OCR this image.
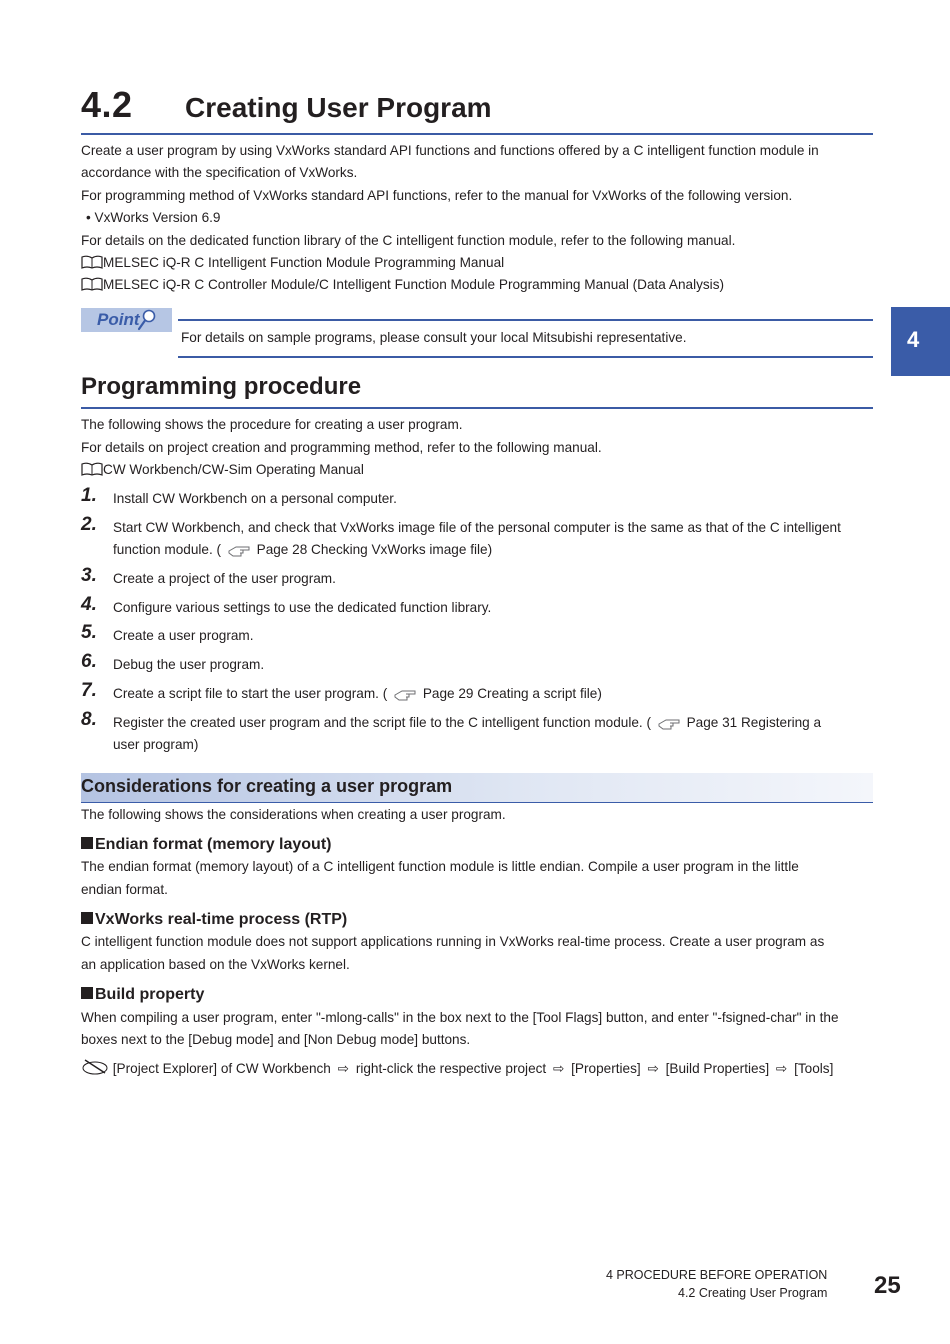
4.2 Creating User Program
Create a user program by using VxWorks standard API functions and functions offered by a C intelligent function module in
accordance with the specification of VxWorks.
For programming method of VxWorks standard API functions, refer to the manual for VxWorks of the following version.
• VxWorks Version 6.9
For details on the dedicated function library of the C intelligent function module, refer to the following manual.
MELSEC iQ-R C Intelligent Function Module Programming Manual
MELSEC iQ-R C Controller Module/C Intelligent Function Module Programming Manual (Data Analysis)
Point
For details on sample programs, please consult your local Mitsubishi representative.	4
Programming procedure
The following shows the procedure for creating a user program.
For details on project creation and programming method, refer to the following manual.
CW Workbench/CW-Sim Operating Manual
1. Install CW Workbench on a personal computer.
2. Start CW Workbench, and check that VxWorks image file of the personal computer is the same as that of the C intelligent
function module. (	Page 28 Checking VxWorks image file)
3. Create a project of the user program.
4. Configure various settings to use the dedicated function library.
5. Create a user program.
6. Debug the user program.
7. Create a script file to start the user program. (	Page 29 Creating a script file)
8. Register the created user program and the script file to the C intelligent function module. (	Page 31 Registering a
user program)
Considerations for creating a user program
The following shows the considerations when creating a user program.
Endian format (memory layout)
The endian format (memory layout) of a C intelligent function module is little endian. Compile a user program in the little
endian format.
VxWorks real-time process (RTP)
C intelligent function module does not support applications running in VxWorks real-time process. Create a user program as
an application based on the VxWorks kernel.
Build property
When compiling a user program, enter "-mlong-calls" in the box next to the [Tool Flags] button, and enter "-fsigned-char" in the
boxes next to the [Debug mode] and [Non Debug mode] buttons.
[Project Explorer] of CW Workbench ⇨ right-click the respective project ⇨ [Properties] ⇨ [Build Properties] ⇨ [Tools]
4 PROCEDURE BEFORE OPERATION
4.2 Creating User Program 25
